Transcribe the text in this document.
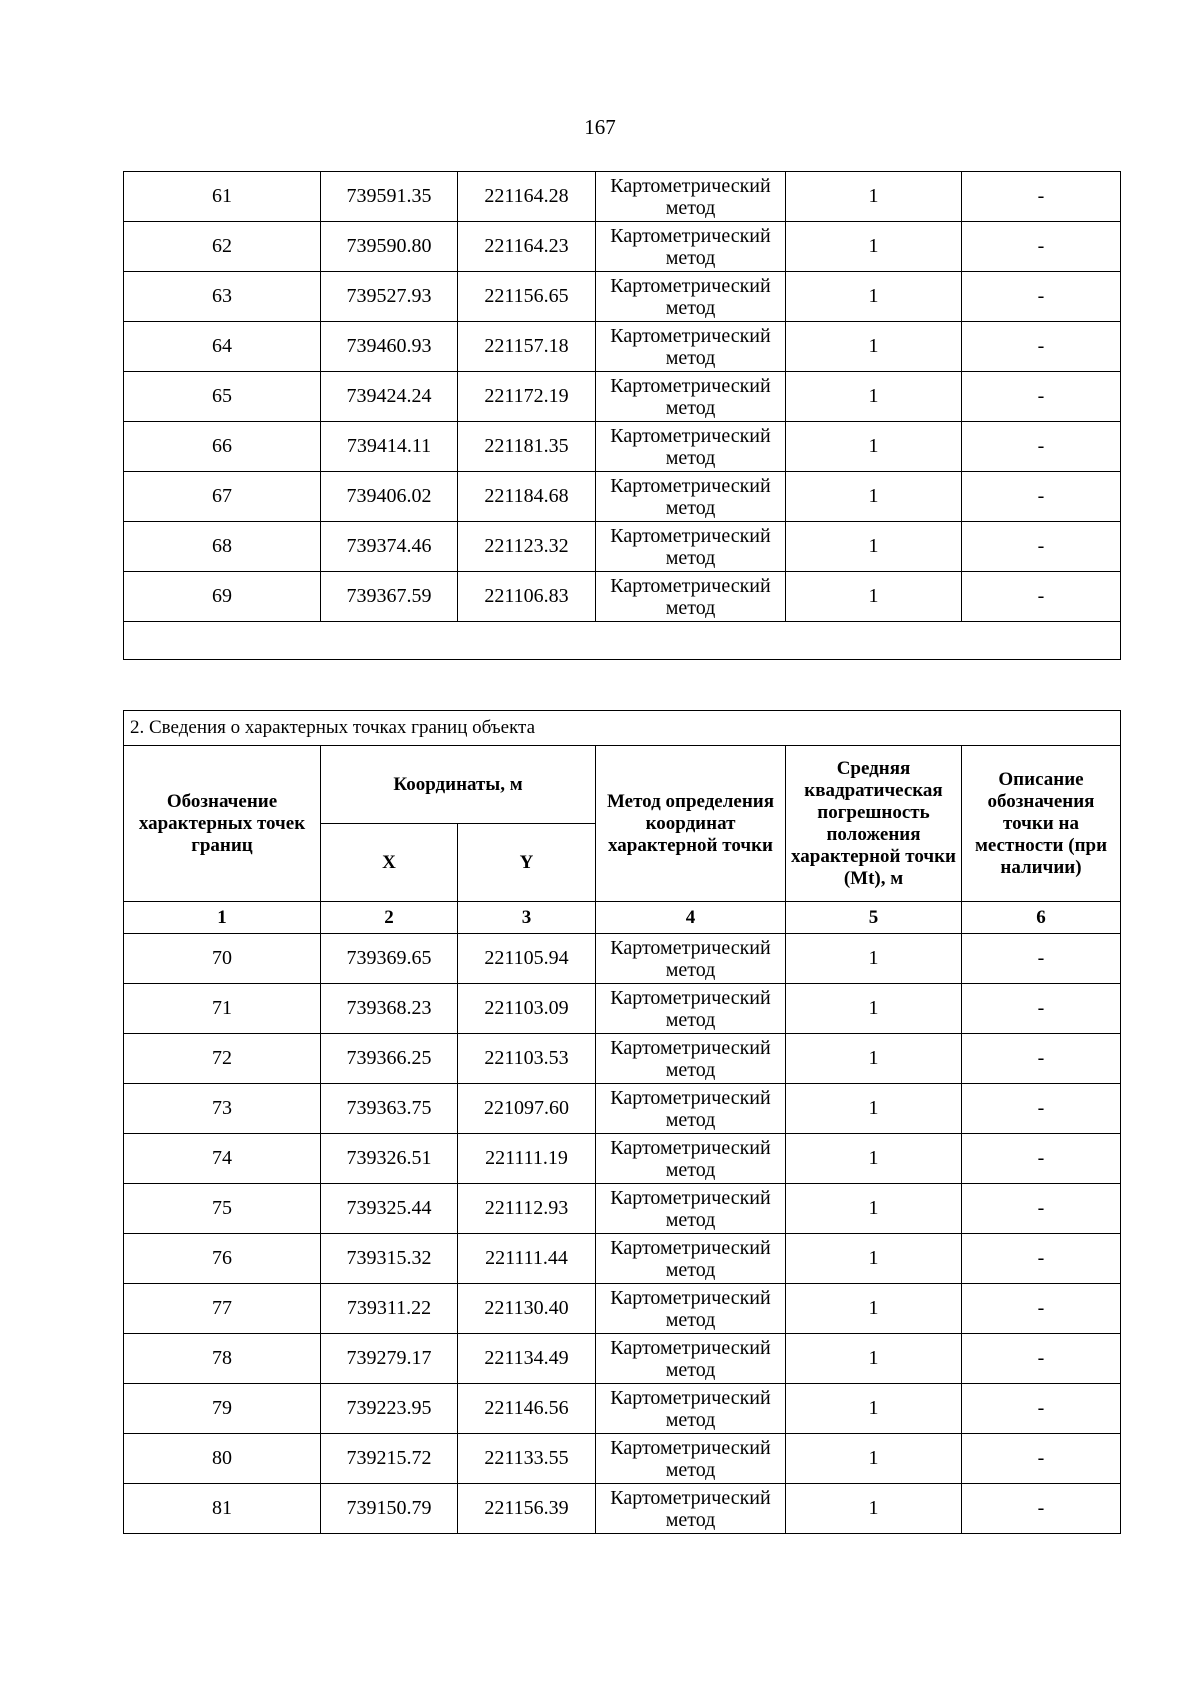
167
61	739591.35	221164.28	Картометрический метод	1	-
62	739590.80	221164.23	Картометрический метод	1	-
63	739527.93	221156.65	Картометрический метод	1	-
64	739460.93	221157.18	Картометрический метод	1	-
65	739424.24	221172.19	Картометрический метод	1	-
66	739414.11	221181.35	Картометрический метод	1	-
67	739406.02	221184.68	Картометрический метод	1	-
68	739374.46	221123.32	Картометрический метод	1	-
69	739367.59	221106.83	Картометрический метод	1	-

2. Сведения о характерных точках границ объекта					
Обозначение характерных точек границ	Координаты, м		Метод определения координат характерной точки	Средняя квадратическая погрешность положения характерной точки (Mt), м	Описание обозначения точки на местности (при наличии)
	X	Y			
1	2	3	4	5	6
70	739369.65	221105.94	Картометрический метод	1	-
71	739368.23	221103.09	Картометрический метод	1	-
72	739366.25	221103.53	Картометрический метод	1	-
73	739363.75	221097.60	Картометрический метод	1	-
74	739326.51	221111.19	Картометрический метод	1	-
75	739325.44	221112.93	Картометрический метод	1	-
76	739315.32	221111.44	Картометрический метод	1	-
77	739311.22	221130.40	Картометрический метод	1	-
78	739279.17	221134.49	Картометрический метод	1	-
79	739223.95	221146.56	Картометрический метод	1	-
80	739215.72	221133.55	Картометрический метод	1	-
81	739150.79	221156.39	Картометрический метод	1	-
